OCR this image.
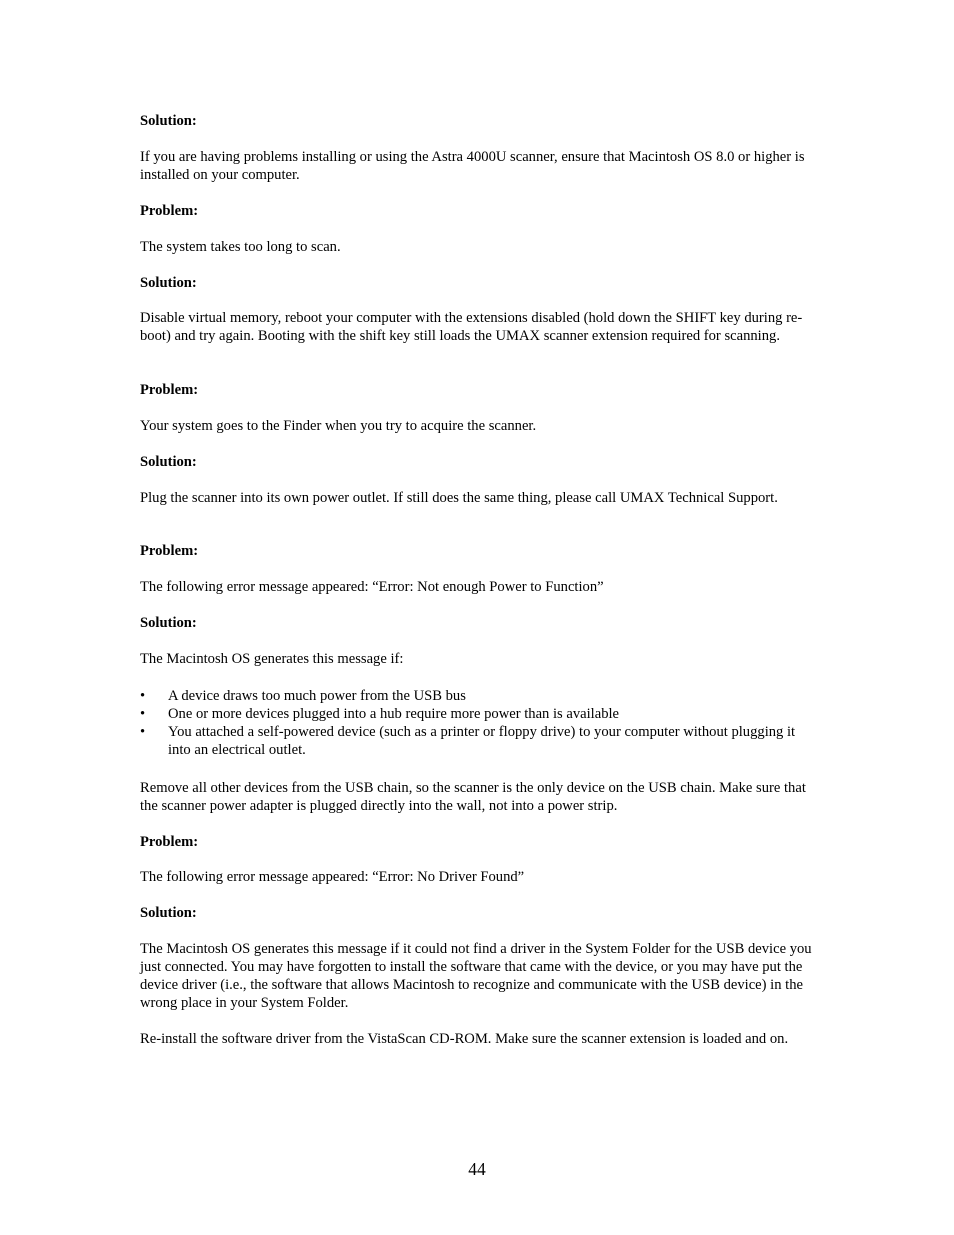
Solution:

If you are having problems installing or using the Astra 4000U scanner, ensure that Macintosh OS 8.0 or higher is installed on your computer.

Problem:

The system takes too long to scan.

Solution:

Disable virtual memory, reboot your computer with the extensions disabled (hold down the SHIFT key during re-boot) and try again. Booting with the shift key still loads the UMAX scanner extension required for scanning.

Problem:

Your system goes to the Finder when you try to acquire the scanner.

Solution:

Plug the scanner into its own power outlet. If still does the same thing, please call UMAX Technical Support.

Problem:

The following error message appeared: “Error: Not enough Power to Function”

Solution:

The Macintosh OS generates this message if:

•	A device draws too much power from the USB bus
•	One or more devices plugged into a hub require more power than is available
•	You attached a self-powered device (such as a printer or floppy drive) to your computer without plugging it into an electrical outlet.

Remove all other devices from the USB chain, so the scanner is the only device on the USB chain. Make sure that the scanner power adapter is plugged directly into the wall, not into a power strip.

Problem:

The following error message appeared: “Error: No Driver Found”

Solution:

The Macintosh OS generates this message if it could not find a driver in the System Folder for the USB device you just connected. You may have forgotten to install the software that came with the device, or you may have put the device driver (i.e., the software that allows Macintosh to recognize and communicate with the USB device) in the wrong place in your System Folder.

Re-install the software driver from the VistaScan CD-ROM. Make sure the scanner extension is loaded and on.

44
